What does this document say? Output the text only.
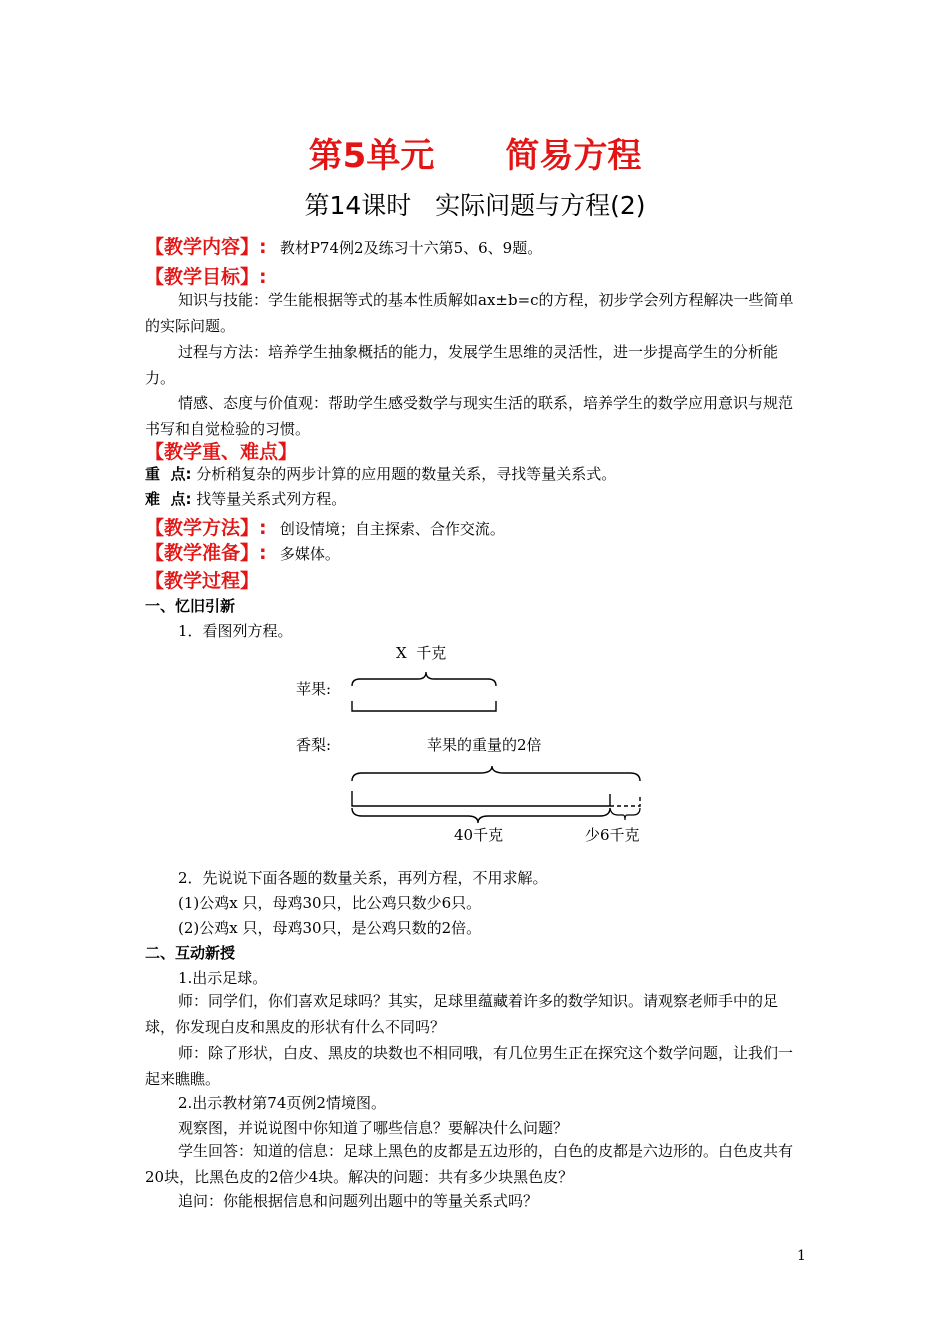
第5单元      简易方程
第14课时   实际问题与方程(2)
【教学内容】: 教材P74例2及练习十六第5、6、9题。
【教学目标】:
知识与技能：学生能根据等式的基本性质解如ax±b=c的方程，初步学会列方程解决一些简单的实际问题。
过程与方法：培养学生抽象概括的能力，发展学生思维的灵活性，进一步提高学生的分析能力。
情感、态度与价值观：帮助学生感受数学与现实生活的联系，培养学生的数学应用意识与规范书写和自觉检验的习惯。
【教学重、难点】
重  点: 分析稍复杂的两步计算的应用题的数量关系，寻找等量关系式。
难  点: 找等量关系式列方程。
【教学方法】: 创设情境；自主探索、合作交流。
【教学准备】: 多媒体。
【教学过程】
一、忆旧引新
1．看图列方程。
X  千克
苹果:
香梨:	苹果的重量的2倍
40千克	少6千克
2．先说说下面各题的数量关系，再列方程，不用求解。
(1)公鸡x 只，母鸡30只，比公鸡只数少6只。
(2)公鸡x 只，母鸡30只，是公鸡只数的2倍。
二、互动新授
1.出示足球。
师：同学们，你们喜欢足球吗？其实，足球里蕴藏着许多的数学知识。请观察老师手中的足球，你发现白皮和黑皮的形状有什么不同吗？
师：除了形状，白皮、黑皮的块数也不相同哦，有几位男生正在探究这个数学问题，让我们一起来瞧瞧。
2.出示教材第74页例2情境图。
观察图，并说说图中你知道了哪些信息？要解决什么问题？
学生回答：知道的信息：足球上黑色的皮都是五边形的，白色的皮都是六边形的。白色皮共有20块，比黑色皮的2倍少4块。解决的问题：共有多少块黑色皮？
追问：你能根据信息和问题列出题中的等量关系式吗？
1
